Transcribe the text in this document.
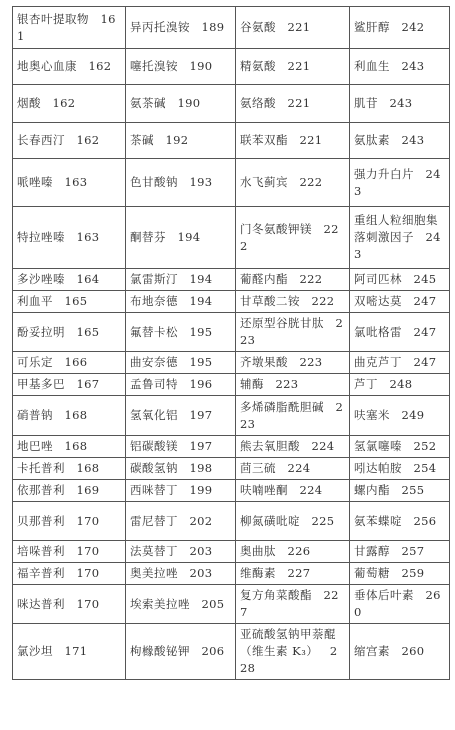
银杏叶提取物   161	异丙托溴铵   189	谷氨酸   221	鲨肝醇   242
地奥心血康   162	噻托溴铵   190	精氨酸   221	利血生   243
烟酸   162	氨茶碱   190	氨络酸   221	肌苷   243
长春西汀   162	茶碱   192	联苯双酯   221	氨肽素   243
哌唑嗪   163	色甘酸钠   193	水飞蓟宾   222	强力升白片   243
特拉唑嗪   163	酮替芬   194	门冬氨酸钾镁   222	重组人粒细胞集落刺激因子   243
多沙唑嗪   164	氯雷斯汀   194	葡醛内酯   222	阿司匹林   245
利血平   165	布地奈德   194	甘草酸二铵   222	双嘧达莫   247
酚妥拉明   165	氟替卡松   195	还原型谷胱甘肽   223	氯吡格雷   247
可乐定   166	曲安奈德   195	齐墩果酸   223	曲克芦丁   247
甲基多巴   167	孟鲁司特   196	辅酶   223	芦丁   248
硝普钠   168	氢氧化铝   197	多烯磷脂酰胆碱   223	呋塞米   249
地巴唑   168	铝碳酸镁   197	熊去氧胆酸   224	氢氯噻嗪   252
卡托普利   168	碳酸氢钠   198	茴三硫   224	吲达帕胺   254
依那普利   169	西咪替丁   199	呋喃唑酮   224	螺内酯   255
贝那普利   170	雷尼替丁   202	柳氮磺吡啶   225	氨苯蝶啶   256
培哚普利   170	法莫替丁   203	奥曲肽   226	甘露醇   257
福辛普利   170	奥美拉唑   203	维酶素   227	葡萄糖   259
咪达普利   170	埃索美拉唑   205	复方角菜酸酯   227	垂体后叶素   260
氯沙坦   171	枸橼酸铋钾   206	亚硫酸氢钠甲萘醌（维生素 K₃）   228	缩宫素   260
